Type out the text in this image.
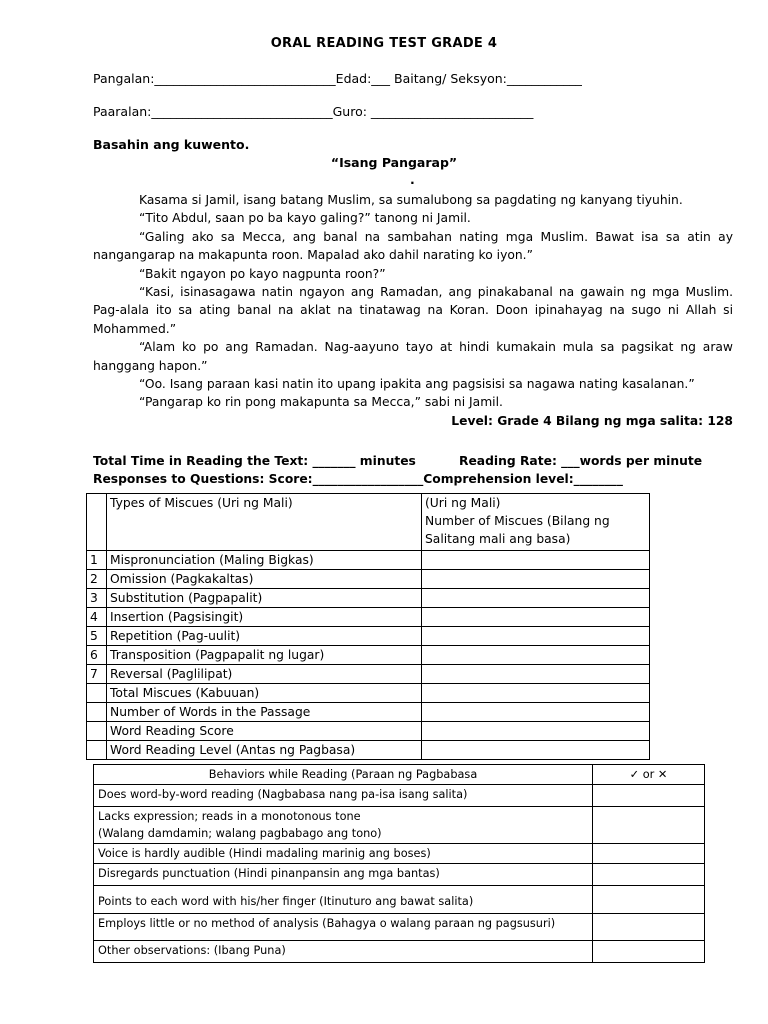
ORAL READING TEST GRADE 4
Pangalan:_____________________________Edad:___ Baitang/ Seksyon:____________
Paaralan:_____________________________Guro: __________________________
Basahin ang kuwento.
“Isang Pangarap”
.

Kasama si Jamil, isang batang Muslim, sa sumalubong sa pagdating ng kanyang tiyuhin.

“Tito Abdul, saan po ba kayo galing?” tanong ni Jamil.

“Galing ako sa Mecca, ang banal na sambahan nating mga Muslim. Bawat isa sa atin ay nangangarap na makapunta roon. Mapalad ako dahil narating ko iyon.”

“Bakit ngayon po kayo nagpunta roon?”

“Kasi, isinasagawa natin ngayon ang Ramadan, ang pinakabanal na gawain ng mga Muslim. Pag-alala ito sa ating banal na aklat na tinatawag na Koran. Doon ipinahayag na sugo ni Allah si Mohammed.”

“Alam ko po ang Ramadan. Nag-aayuno tayo at hindi kumakain mula sa pagsikat ng araw hanggang hapon.”

“Oo. Isang paraan kasi natin ito upang ipakita ang pagsisisi sa nagawa nating kasalanan.”

“Pangarap ko rin pong makapunta sa Mecca,” sabi ni Jamil.

Level: Grade 4 Bilang ng mga salita: 128

Total Time in Reading the Text: _______ minutes	Reading Rate: ___words per minute
Responses to Questions: Score:__________________Comprehension level:________
	Types of Miscues (Uri ng Mali)	(Uri ng Mali)
Number of Miscues (Bilang ng
Salitang mali ang basa)

1	Mispronunciation (Maling Bigkas)	
2	Omission (Pagkakaltas)	
3	Substitution (Pagpapalit)	
4	Insertion (Pagsisingit)	
5	Repetition (Pag-uulit)	
6	Transposition (Pagpapalit ng lugar)	
7	Reversal (Paglilipat)	
	Total Miscues (Kabuuan)	
	Number of Words in the Passage	
	Word Reading Score	
	Word Reading Level (Antas ng Pagbasa)	
Behaviors while Reading (Paraan ng Pagbabasa	✓ or ✕
Does word-by-word reading (Nagbabasa nang pa-isa isang salita)	

Lacks expression; reads in a monotonous tone
(Walang damdamin; walang pagbabago ang tono)	

Voice is hardly audible (Hindi madaling marinig ang boses)	
Disregards punctuation (Hindi pinanpansin ang mga bantas)	
Points to each word with his/her finger (Itinuturo ang bawat salita)	
Employs little or no method of analysis (Bahagya o walang paraan ng pagsusuri)	
Other observations: (Ibang Puna)	
